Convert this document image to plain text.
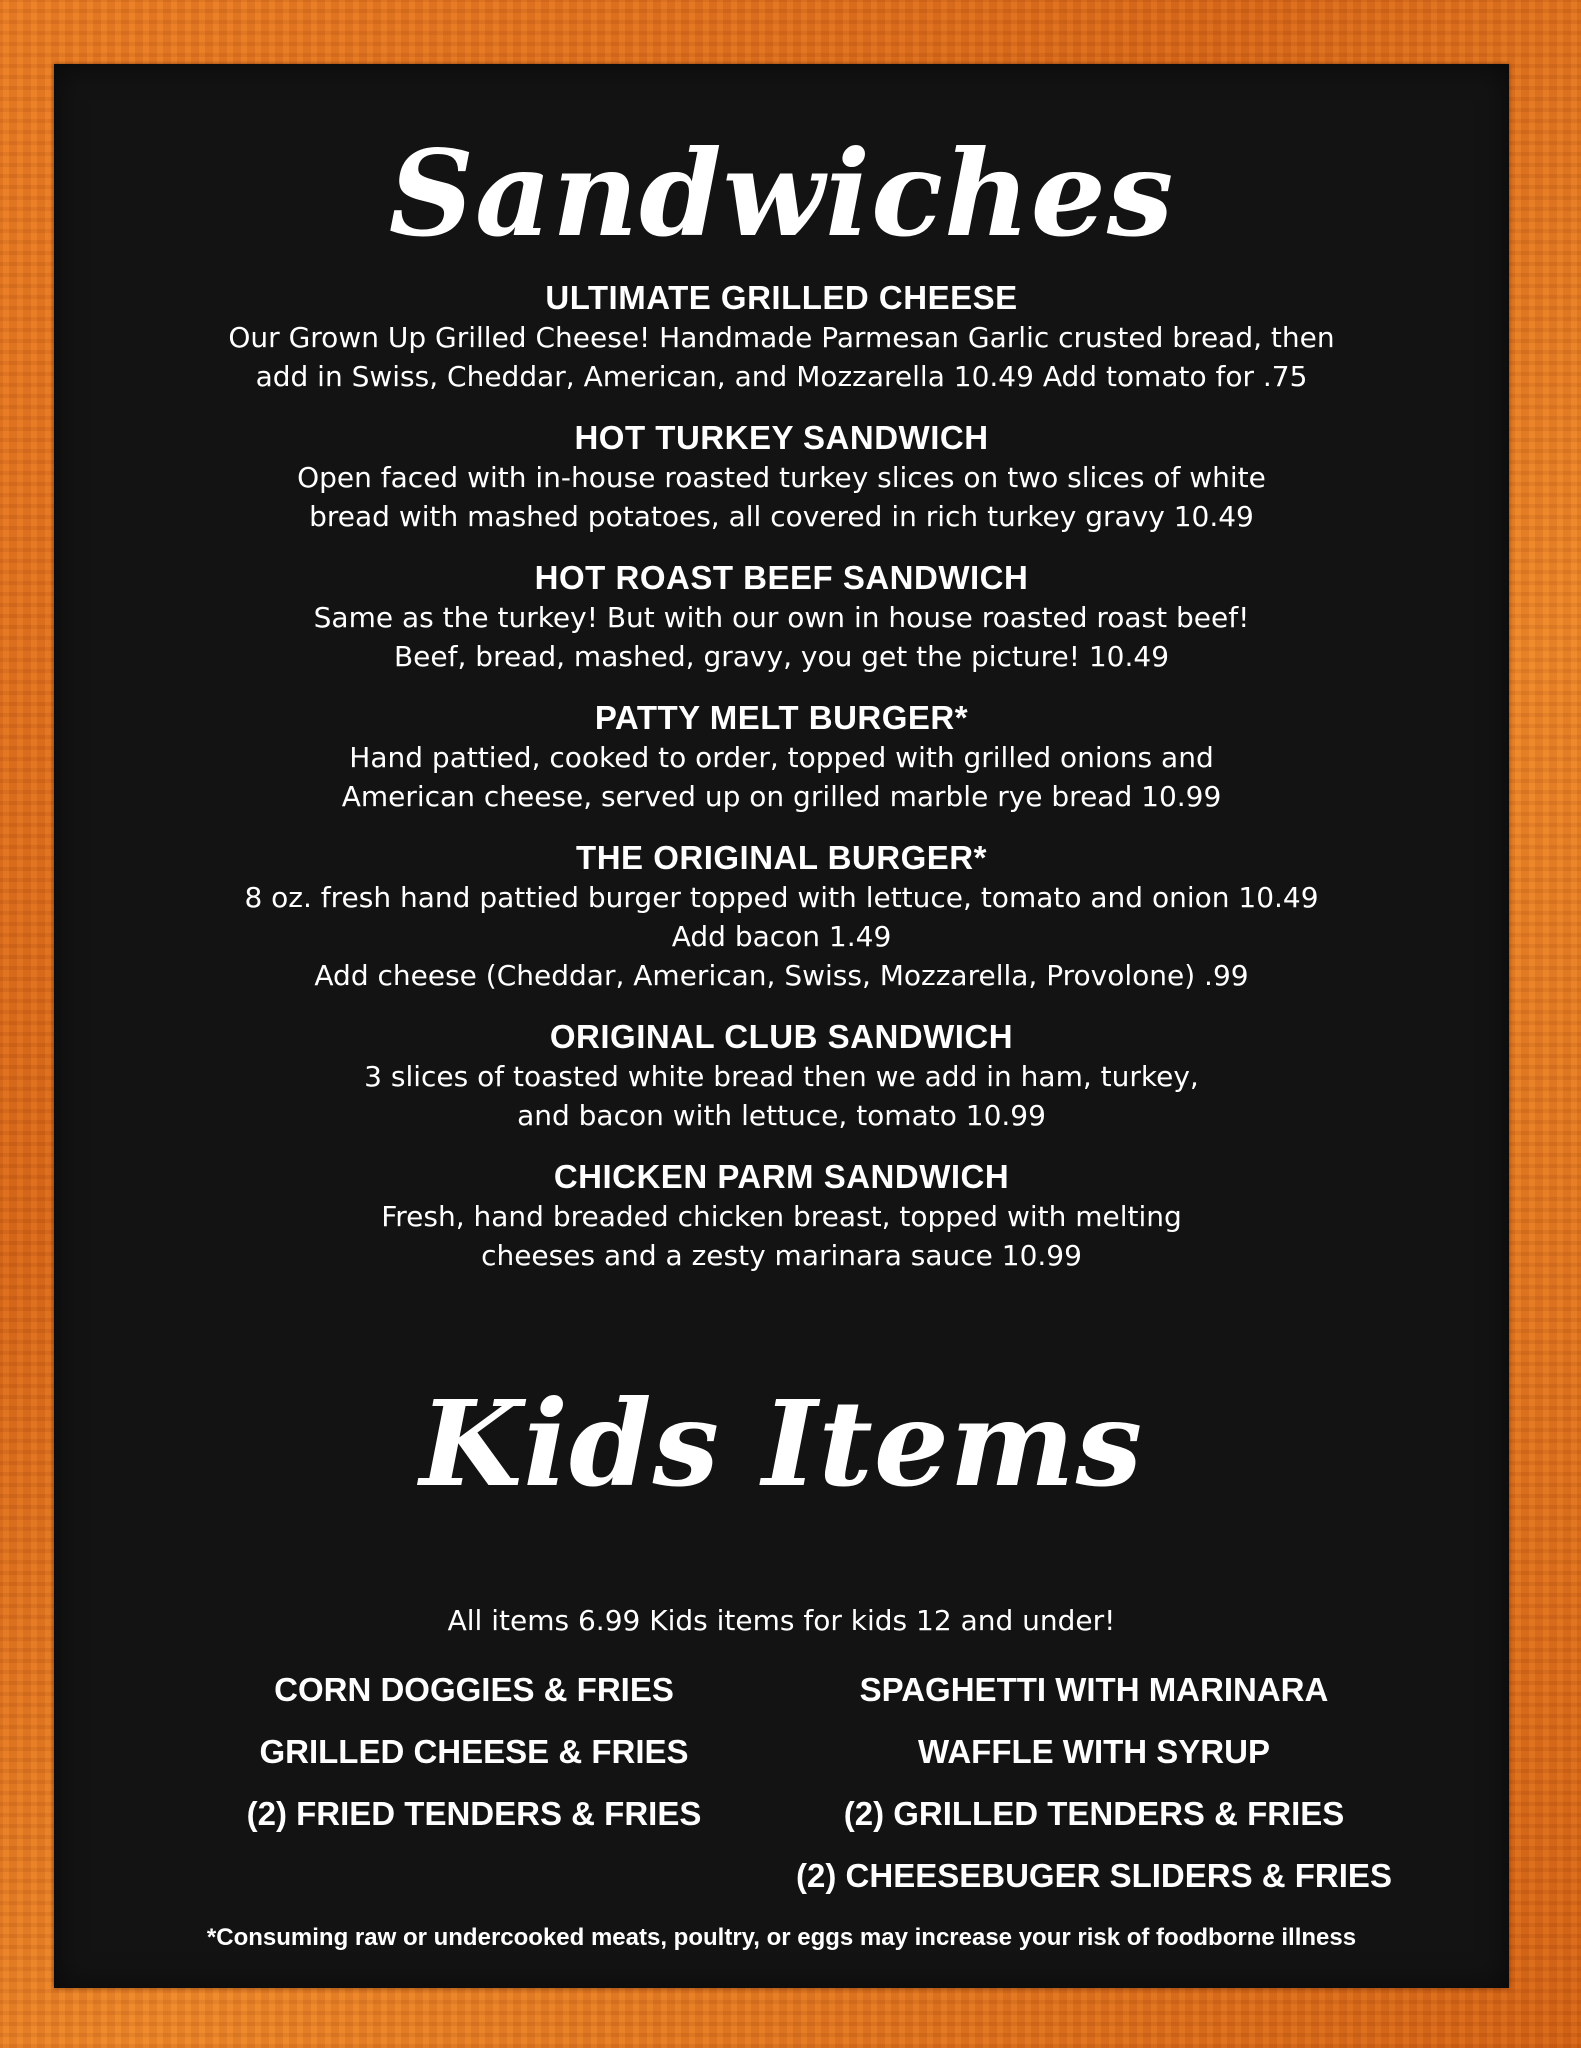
Sandwiches
ULTIMATE GRILLED CHEESE
Our Grown Up Grilled Cheese! Handmade Parmesan Garlic crusted bread, then
add in Swiss, Cheddar, American, and Mozzarella 10.49 Add tomato for .75
HOT TURKEY SANDWICH
Open faced with in-house roasted turkey slices on two slices of white
bread with mashed potatoes, all covered in rich turkey gravy 10.49
HOT ROAST BEEF SANDWICH
Same as the turkey! But with our own in house roasted roast beef!
Beef, bread, mashed, gravy, you get the picture! 10.49
PATTY MELT BURGER*
Hand pattied, cooked to order, topped with grilled onions and
American cheese, served up on grilled marble rye bread 10.99
THE ORIGINAL BURGER*
8 oz. fresh hand pattied burger topped with lettuce, tomato and onion 10.49
Add bacon 1.49
Add cheese (Cheddar, American, Swiss, Mozzarella, Provolone) .99
ORIGINAL CLUB SANDWICH
3 slices of toasted white bread then we add in ham, turkey,
and bacon with lettuce, tomato 10.99
CHICKEN PARM SANDWICH
Fresh, hand breaded chicken breast, topped with melting
cheeses and a zesty marinara sauce 10.99
Kids Items
All items 6.99 Kids items for kids 12 and under!
CORN DOGGIES & FRIES
GRILLED CHEESE & FRIES
(2) FRIED TENDERS & FRIES
SPAGHETTI WITH MARINARA
WAFFLE WITH SYRUP
(2) GRILLED TENDERS & FRIES
(2) CHEESEBUGER SLIDERS & FRIES
*Consuming raw or undercooked meats, poultry, or eggs may increase your risk of foodborne illness
